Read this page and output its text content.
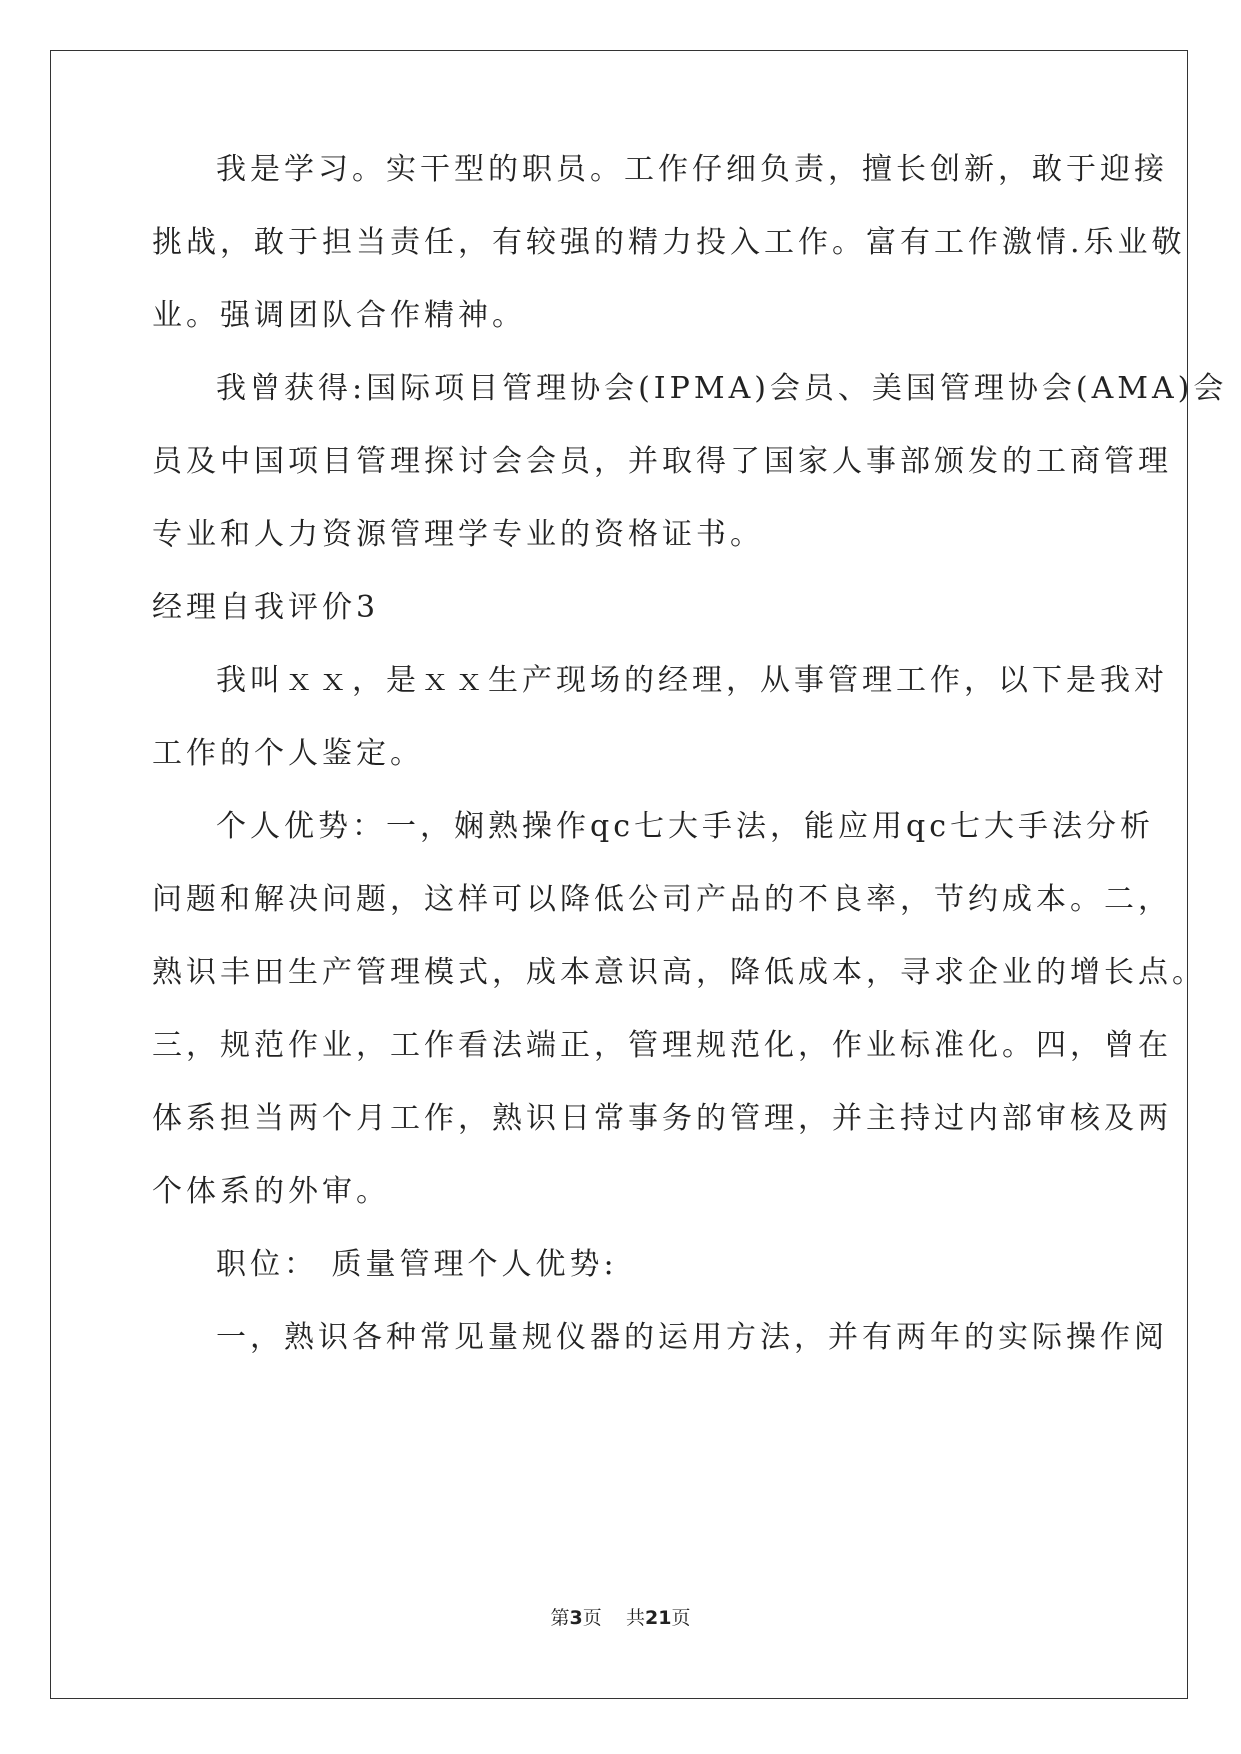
我是学习。实干型的职员。工作仔细负责，擅长创新，敢于迎接
挑战，敢于担当责任，有较强的精力投入工作。富有工作激情.乐业敬
业。强调团队合作精神。
我曾获得:国际项目管理协会(IPMA)会员、美国管理协会(AMA)会
员及中国项目管理探讨会会员，并取得了国家人事部颁发的工商管理
专业和人力资源管理学专业的资格证书。
经理自我评价3
我叫ｘｘ，是ｘｘ生产现场的经理，从事管理工作，以下是我对
工作的个人鉴定。
个人优势：一，娴熟操作qc七大手法，能应用qc七大手法分析
问题和解决问题，这样可以降低公司产品的不良率，节约成本。二，
熟识丰田生产管理模式，成本意识高，降低成本，寻求企业的增长点。
三，规范作业，工作看法端正，管理规范化，作业标准化。四，曾在
体系担当两个月工作，熟识日常事务的管理，并主持过内部审核及两
个体系的外审。
职位： 质量管理个人优势:
一，熟识各种常见量规仪器的运用方法，并有两年的实际操作阅
第3页 共21页
